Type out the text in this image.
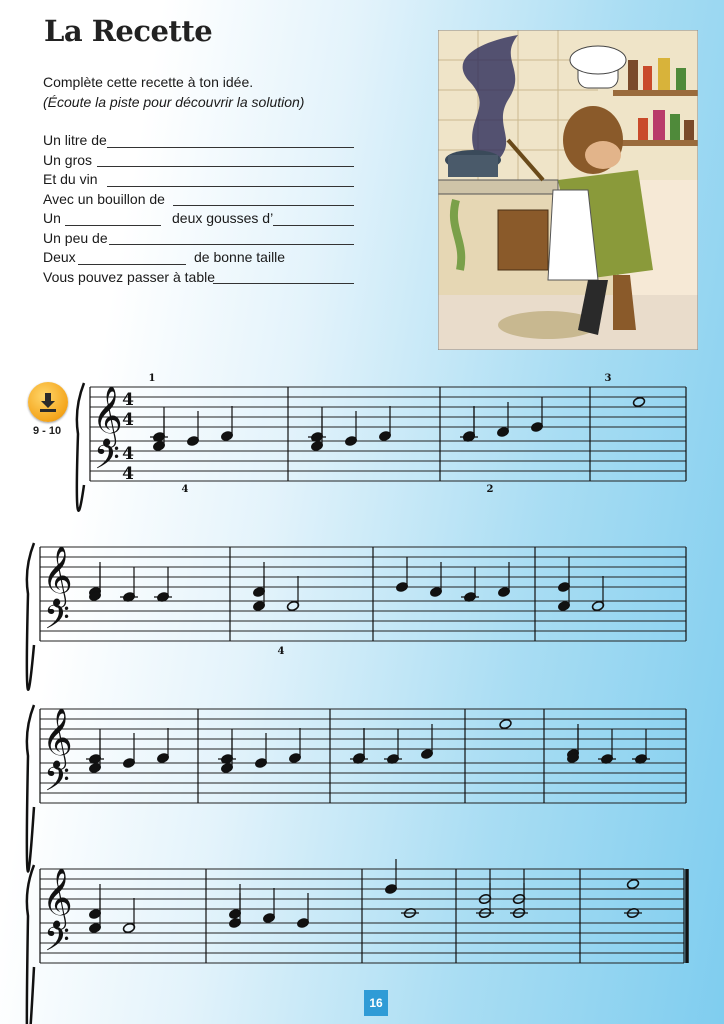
La Recette
Complète cette recette à ton idée.
(Écoute la piste pour découvrir la solution)
Un litre de
Un gros
Et du vin
Avec un bouillon de
Un	deux gousses d’
Un peu de
Deux	de bonne taille
Vous pouvez passer à table
9 - 10 𝄞
𝄢
4
4
4
4
𝄞
𝄢
𝄞
𝄢
𝄞
𝄢
1	3
4	2
4
16
